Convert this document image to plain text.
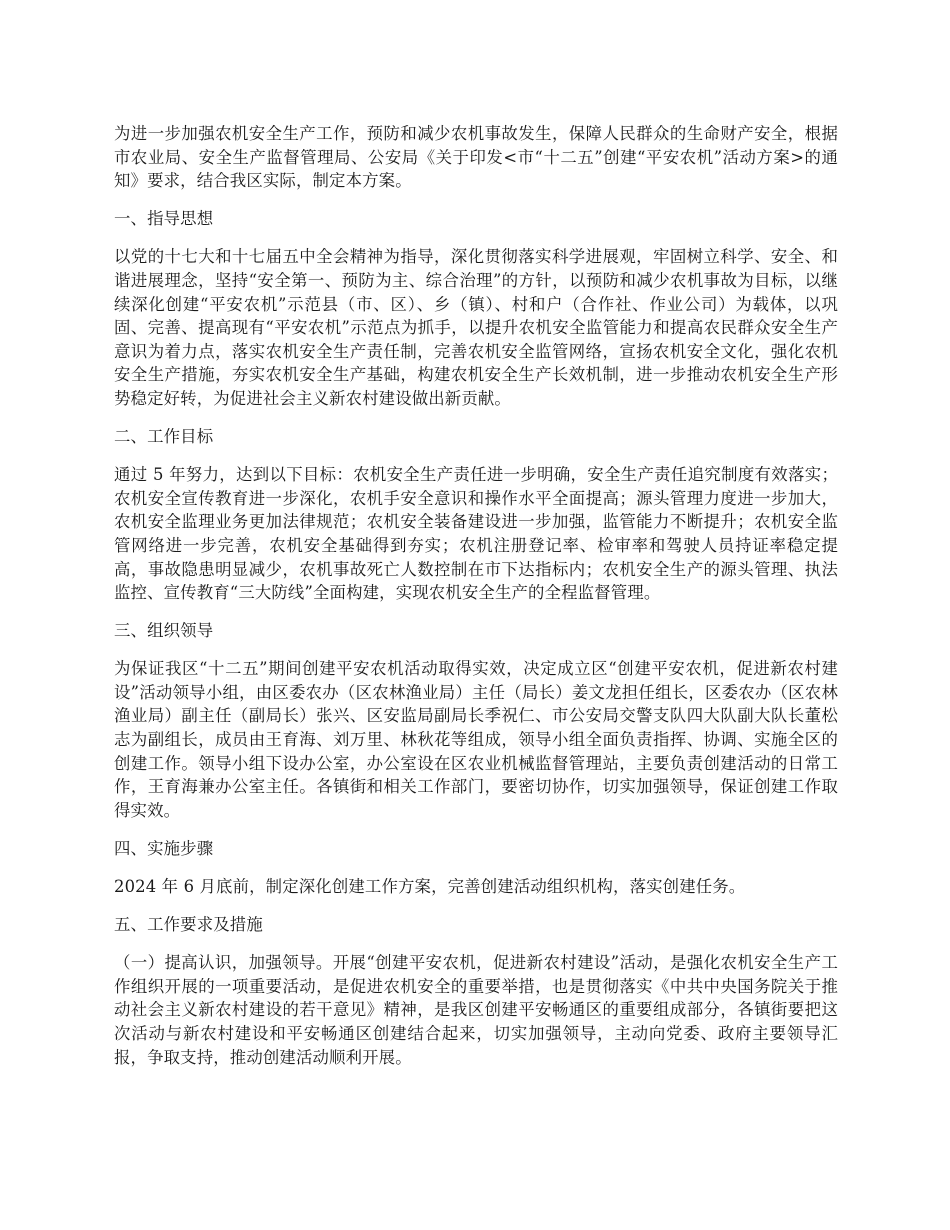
为进一步加强农机安全生产工作，预防和减少农机事故发生，保障人民群众的生命财产安全，根据市农业局、安全生产监督管理局、公安局《关于印发<市“十二五”创建“平安农机”活动方案>的通知》要求，结合我区实际，制定本方案。

一、指导思想

以党的十七大和十七届五中全会精神为指导，深化贯彻落实科学进展观，牢固树立科学、安全、和谐进展理念，坚持“安全第一、预防为主、综合治理”的方针，以预防和减少农机事故为目标，以继续深化创建“平安农机”示范县（市、区）、乡（镇）、村和户（合作社、作业公司）为载体，以巩固、完善、提高现有“平安农机”示范点为抓手，以提升农机安全监管能力和提高农民群众安全生产意识为着力点，落实农机安全生产责任制，完善农机安全监管网络，宣扬农机安全文化，强化农机安全生产措施，夯实农机安全生产基础，构建农机安全生产长效机制，进一步推动农机安全生产形势稳定好转，为促进社会主义新农村建设做出新贡献。

二、工作目标

通过 5 年努力，达到以下目标：农机安全生产责任进一步明确，安全生产责任追究制度有效落实；农机安全宣传教育进一步深化，农机手安全意识和操作水平全面提高；源头管理力度进一步加大，农机安全监理业务更加法律规范；农机安全装备建设进一步加强，监管能力不断提升；农机安全监管网络进一步完善，农机安全基础得到夯实；农机注册登记率、检审率和驾驶人员持证率稳定提高，事故隐患明显减少，农机事故死亡人数控制在市下达指标内；农机安全生产的源头管理、执法监控、宣传教育“三大防线”全面构建，实现农机安全生产的全程监督管理。

三、组织领导

为保证我区“十二五”期间创建平安农机活动取得实效，决定成立区“创建平安农机，促进新农村建设”活动领导小组，由区委农办（区农林渔业局）主任（局长）姜文龙担任组长，区委农办（区农林渔业局）副主任（副局长）张兴、区安监局副局长季祝仁、市公安局交警支队四大队副大队长董松志为副组长，成员由王育海、刘万里、林秋花等组成，领导小组全面负责指挥、协调、实施全区的创建工作。领导小组下设办公室，办公室设在区农业机械监督管理站，主要负责创建活动的日常工作，王育海兼办公室主任。各镇街和相关工作部门，要密切协作，切实加强领导，保证创建工作取得实效。

四、实施步骤

2024 年 6 月底前，制定深化创建工作方案，完善创建活动组织机构，落实创建任务。

五、工作要求及措施

（一）提高认识，加强领导。开展“创建平安农机，促进新农村建设”活动，是强化农机安全生产工作组织开展的一项重要活动，是促进农机安全的重要举措，也是贯彻落实《中共中央国务院关于推动社会主义新农村建设的若干意见》精神，是我区创建平安畅通区的重要组成部分，各镇街要把这次活动与新农村建设和平安畅通区创建结合起来，切实加强领导，主动向党委、政府主要领导汇报，争取支持，推动创建活动顺利开展。
